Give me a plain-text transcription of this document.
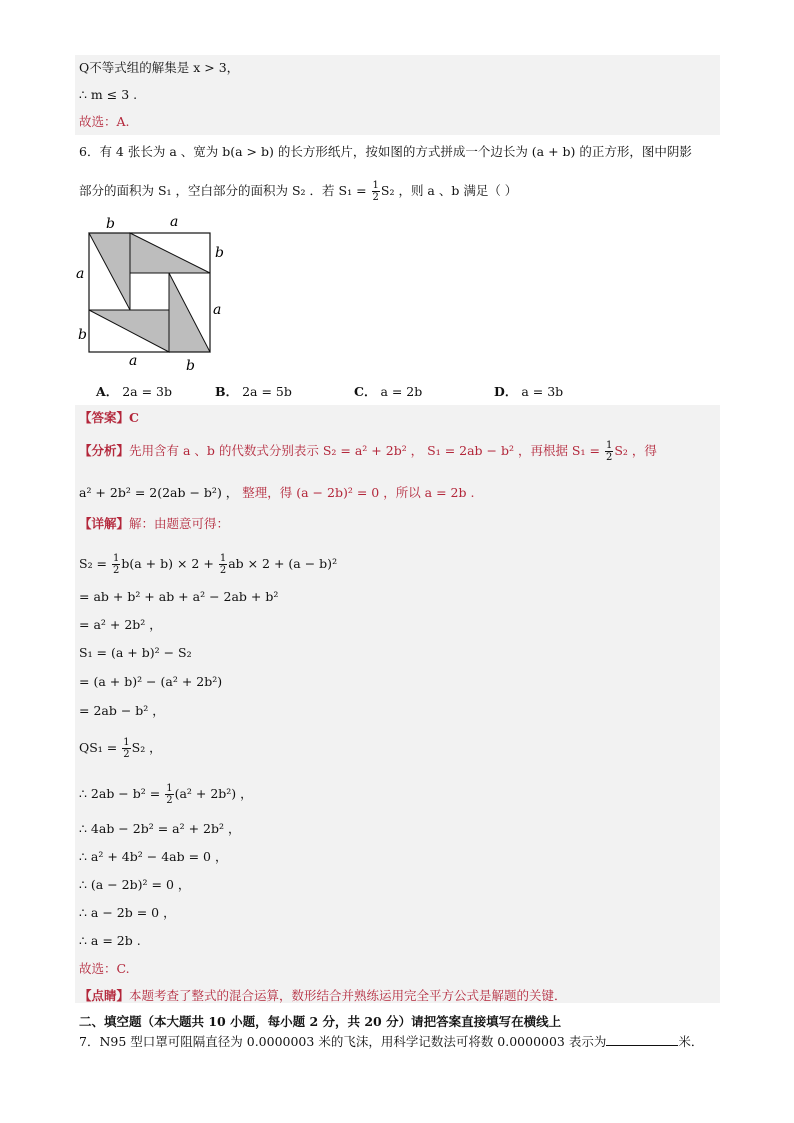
Q不等式组的解集是 x > 3，
∴ m ≤ 3 .
故选：A.
6．有 4 张长为 a 、宽为 b(a > b) 的长方形纸片，按如图的方式拼成一个边长为 (a + b) 的正方形，图中阴影
部分的面积为 S₁ ，空白部分的面积为 S₂ ．若 $S_1 = \frac{1}{2} S_2$ ，则 a 、b 满足（ ）
b	a
b
a
a
b
a	b
A． 2a = 3b	B． 2a = 5b	C． a = 2b	D． a = 3b
【答案】C
【分析】先用含有 a 、b 的代数式分别表示 S₂ = a² + 2b² ， S₁ = 2ab − b² ，再根据 $S_1 = \frac{1}{2} S_2$ ，得
a² + 2b² = 2(2ab − b²) ， 整理，得 (a − 2b)² = 0 ，所以 a = 2b .
【详解】解：由题意可得：
$S_2 = \frac{1}{2} b(a + b) \times 2 + \frac{1}{2}$ ab × 2 + (a − b)²
= ab + b² + ab + a² − 2ab + b²
= a² + 2b² ，
S₁ = (a + b)² − S₂
= (a + b)² − (a² + 2b²)
= 2ab − b² ，
$QS_1 = \frac{1}{2} S_2$ ，
∴ $2ab - b^2 = \frac{1}{2} (a^2 + 2b^2)$ ，
∴ 4ab − 2b² = a² + 2b² ，
∴ a² + 4b² − 4ab = 0 ，
∴ (a − 2b)² = 0 ，
∴ a − 2b = 0 ，
∴ a = 2b .
故选：C.
【点睛】本题考查了整式的混合运算，数形结合并熟练运用完全平方公式是解题的关键．
二、填空题（本大题共 10 小题，每小题 2 分，共 20 分）请把答案直接填写在横线上
7．N95 型口罩可阻隔直径为 0.0000003 米的飞沫，用科学记数法可将数 0.0000003 表示为	米．
